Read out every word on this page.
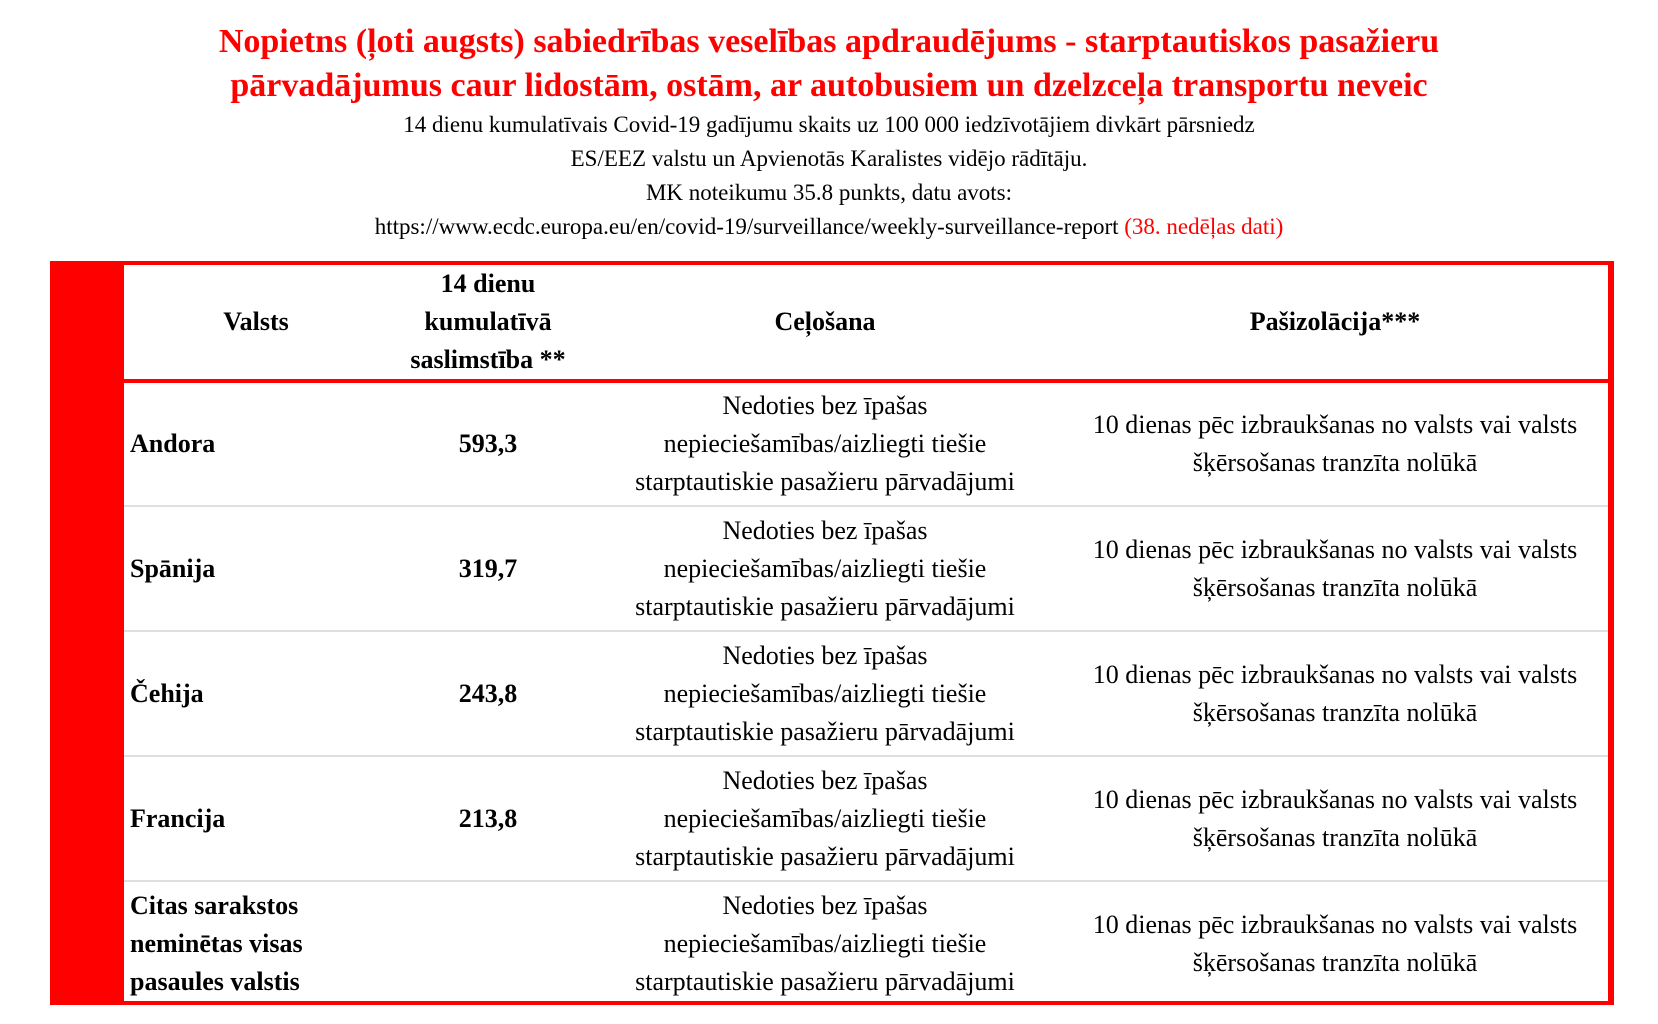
Nopietns (ļoti augsts) sabiedrības veselības apdraudējums - starptautiskos pasažieru

pārvadājumus caur lidostām, ostām, ar autobusiem un dzelzceļa transportu neveic

14 dienu kumulatīvais Covid-19 gadījumu skaits uz 100 000 iedzīvotājiem divkārt pārsniedz

ES/EEZ valstu un Apvienotās Karalistes vidējo rādītāju.

MK noteikumu 35.8 punkts, datu avots:

https://www.ecdc.europa.eu/en/covid-19/surveillance/weekly-surveillance-report (38. nedēļas dati)

Valsts	14 dienu kumulatīvā saslimstība **	Ceļošana	Pašizolācija***
Andora	593,3	Nedoties bez īpašas nepieciešamības/aizliegti tiešie starptautiskie pasažieru pārvadājumi	10 dienas pēc izbraukšanas no valsts vai valsts šķērsošanas tranzīta nolūkā
Spānija	319,7	Nedoties bez īpašas nepieciešamības/aizliegti tiešie starptautiskie pasažieru pārvadājumi	10 dienas pēc izbraukšanas no valsts vai valsts šķērsošanas tranzīta nolūkā
Čehija	243,8	Nedoties bez īpašas nepieciešamības/aizliegti tiešie starptautiskie pasažieru pārvadājumi	10 dienas pēc izbraukšanas no valsts vai valsts šķērsošanas tranzīta nolūkā
Francija	213,8	Nedoties bez īpašas nepieciešamības/aizliegti tiešie starptautiskie pasažieru pārvadājumi	10 dienas pēc izbraukšanas no valsts vai valsts šķērsošanas tranzīta nolūkā
Citas sarakstos neminētas visas pasaules valstis		Nedoties bez īpašas nepieciešamības/aizliegti tiešie starptautiskie pasažieru pārvadājumi	10 dienas pēc izbraukšanas no valsts vai valsts šķērsošanas tranzīta nolūkā
